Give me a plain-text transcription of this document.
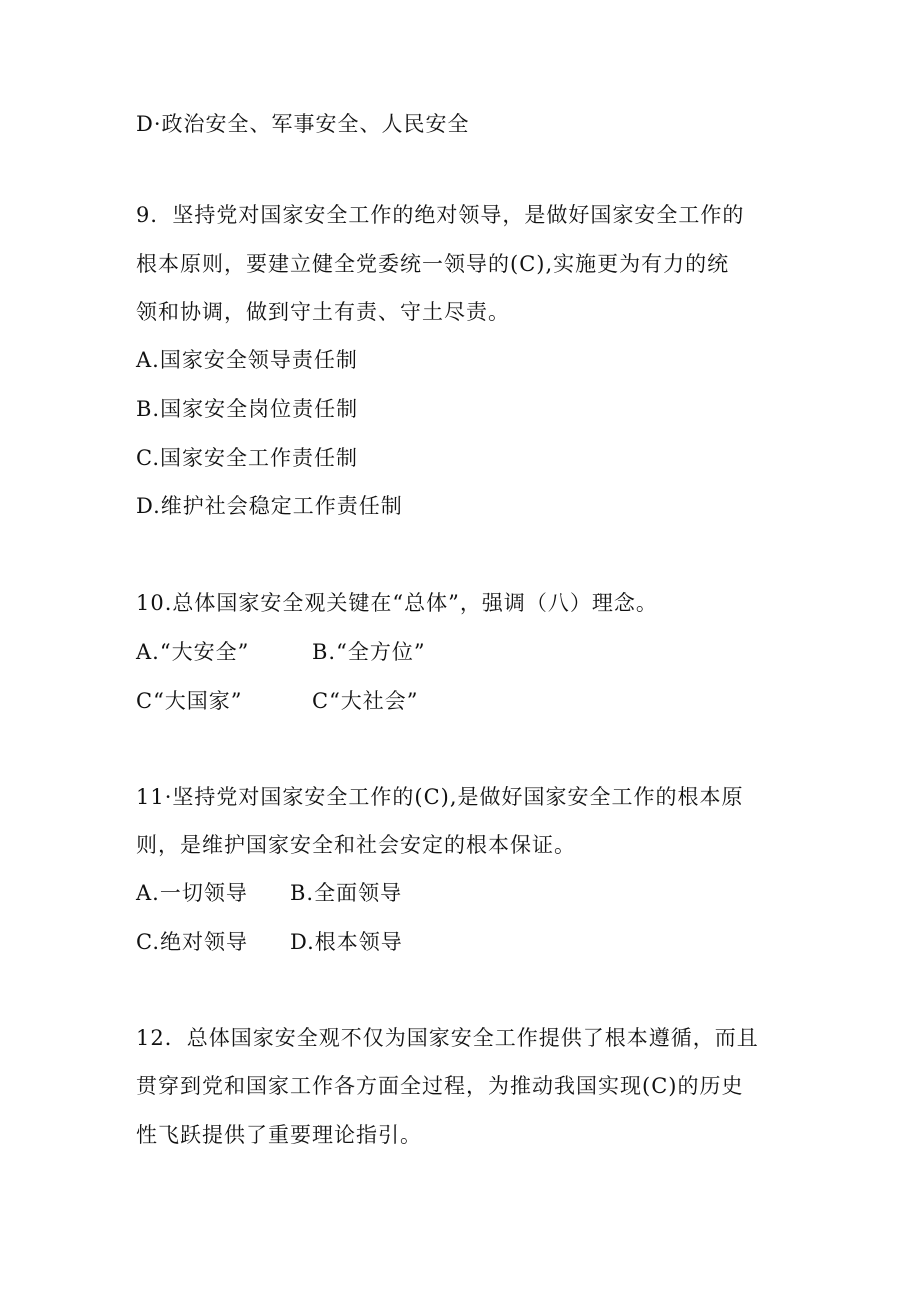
D·政治安全、军事安全、人民安全
9．坚持党对国家安全工作的绝对领导，是做好国家安全工作的
根本原则，要建立健全党委统一领导的(C),实施更为有力的统
领和协调，做到守土有责、守土尽责。
A.国家安全领导责任制
B.国家安全岗位责任制
C.国家安全工作责任制
D.维护社会稳定工作责任制
10.总体国家安全观关键在“总体”，强调（八）理念。
A.“大安全”	B.“全方位”
C“大国家”	C“大社会”
11·坚持党对国家安全工作的(C),是做好国家安全工作的根本原
则，是维护国家安全和社会安定的根本保证。
A.一切领导 B.全面领导
C.绝对领导 D.根本领导
12．总体国家安全观不仅为国家安全工作提供了根本遵循，而且
贯穿到党和国家工作各方面全过程，为推动我国实现(C)的历史
性飞跃提供了重要理论指引。
